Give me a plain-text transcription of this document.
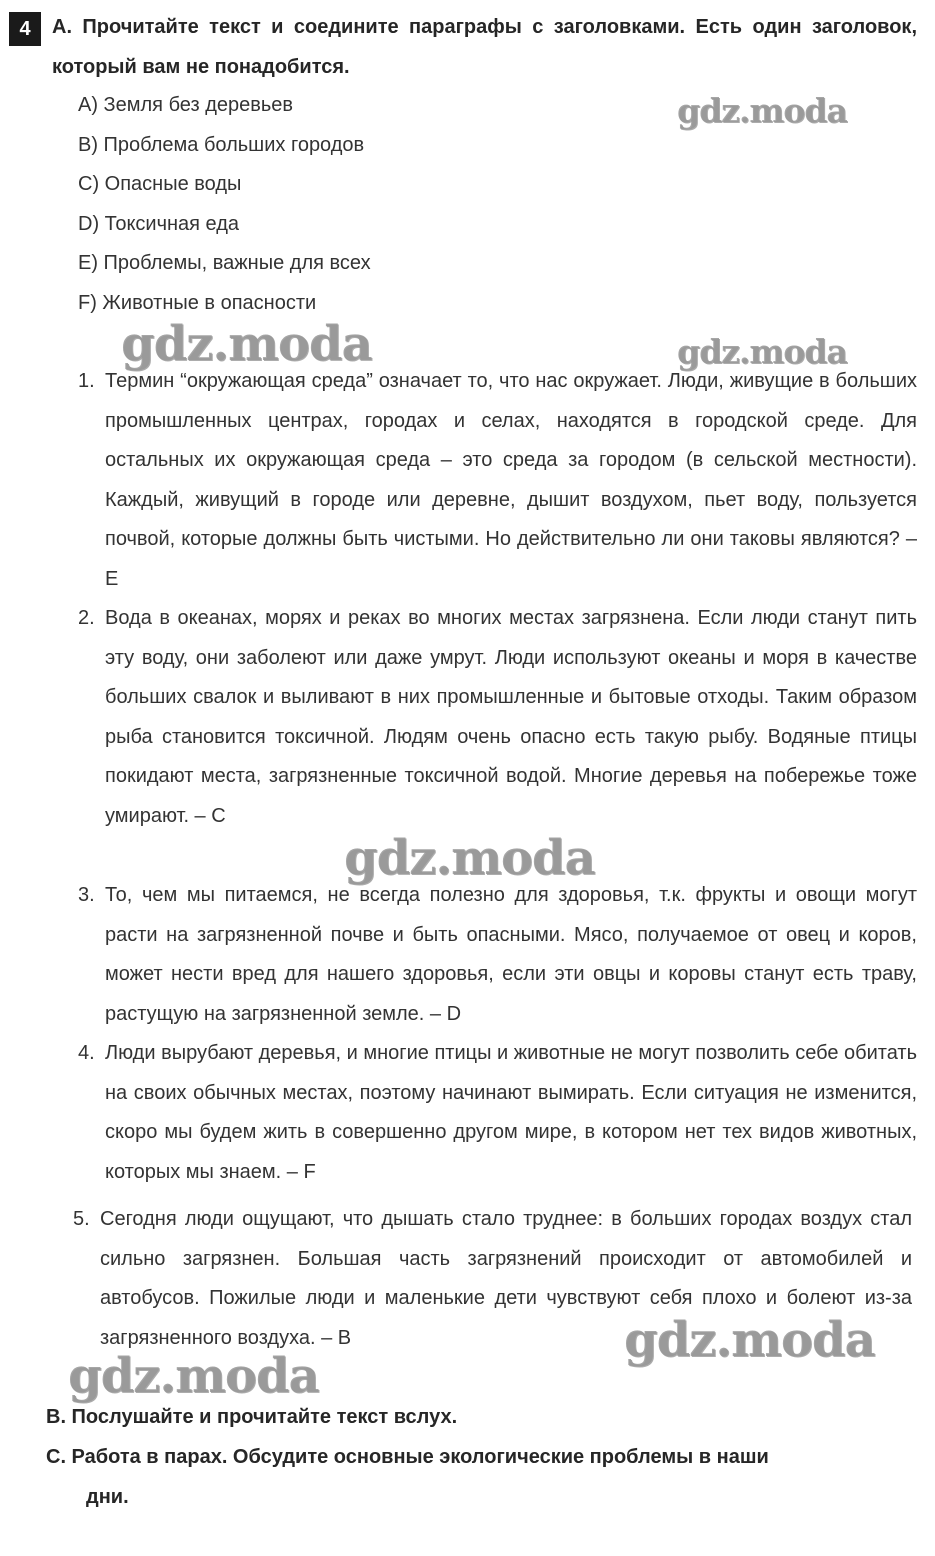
4	A. Прочитайте текст и соедините параграфы с заголовками. Есть один заголовок, который вам не понадобится.

A) Земля без деревьев
B) Проблема больших городов
C) Опасные воды
D) Токсичная еда
E) Проблемы, важные для всех
F) Животные в опасности

1. Термин “окружающая среда” означает то, что нас окружает. Люди, живущие в больших промышленных центрах, городах и селах, находятся в городской среде. Для остальных их окружающая среда – это среда за городом (в сельской местности). Каждый, живущий в городе или деревне, дышит воздухом, пьет воду, пользуется почвой, которые должны быть чистыми. Но действительно ли они таковы являются? – E

2. Вода в океанах, морях и реках во многих местах загрязнена. Если люди станут пить эту воду, они заболеют или даже умрут. Люди используют океаны и моря в качестве больших свалок и выливают в них промышленные и бытовые отходы. Таким образом рыба становится токсичной. Людям очень опасно есть такую рыбу. Водяные птицы покидают места, загрязненные токсичной водой. Многие деревья на побережье тоже умирают. – C

3. То, чем мы питаемся, не всегда полезно для здоровья, т.к. фрукты и овощи могут расти на загрязненной почве и быть опасными. Мясо, получаемое от овец и коров, может нести вред для нашего здоровья, если эти овцы и коровы станут есть траву, растущую на загрязненной земле. – D

4. Люди вырубают деревья, и многие птицы и животные не могут позволить себе обитать на своих обычных местах, поэтому начинают вымирать. Если ситуация не изменится, скоро мы будем жить в совершенно другом мире, в котором нет тех видов животных, которых мы знаем. – F

5. Сегодня люди ощущают, что дышать стало труднее: в больших городах воздух стал сильно загрязнен. Большая часть загрязнений происходит от автомобилей и автобусов. Пожилые люди и маленькие дети чувствуют себя плохо и болеют из-за загрязненного воздуха. – B

B. Послушайте и прочитайте текст вслух.

C. Работа в парах. Обсудите основные экологические проблемы в наши

дни.

gdz.moda
gdz.moda	gdz.moda
gdz.moda
gdz.moda
gdz.moda
